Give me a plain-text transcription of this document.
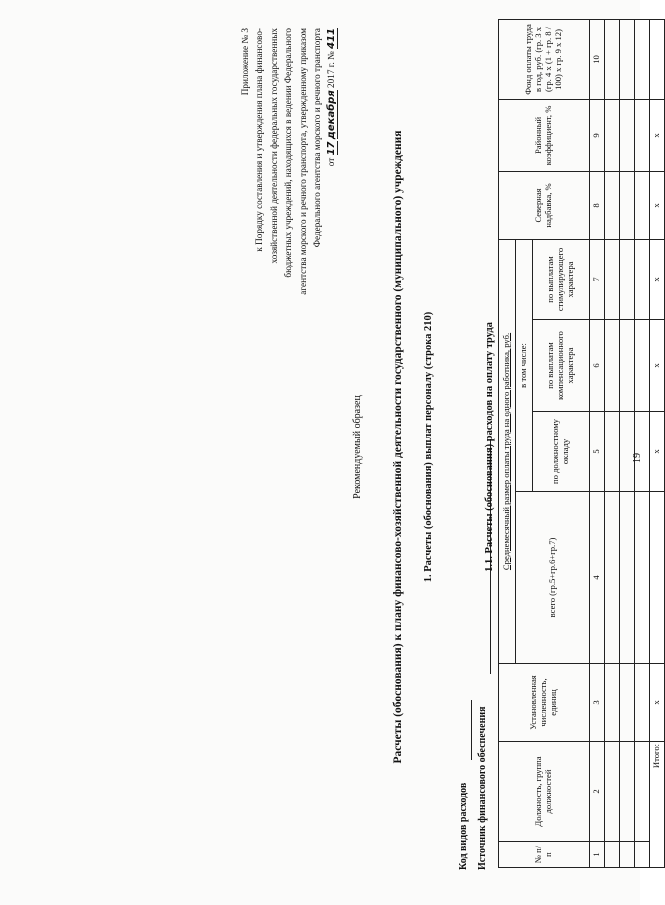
Приложение № 3 к Порядку составления и утверждения плана финансово- хозяйственной деятельности федеральных государственных бюджетных учреждений, находящихся в ведении Федерального агентства морского и речного транспорта, утвержденному приказом Федерального агентства морского и речного транспорта от 17 декабря 2017 г. № 411
Рекомендуемый образец	Расчеты (обоснования) к плану финансово-хозяйственной деятельности государственного (муниципального) учреждения 1. Расчеты (обоснования) выплат персоналу (строка 210)
Код видов расходов Источник финансового обеспечения
1.1. Расчеты (обоснования) расходов на оплату труда
№ п/п	Должность, группа должностей	Установленная численность, единиц	Среднемесячный размер оплаты труда на одного работника, руб.				Северная надбавка, %	Районный коэффициент, %	Фонд оплаты труда в год, руб. (гр. 3 х (гр. 4 х (1 + гр. 8 / 100) х гр. 9 х 12)
			всего (гр.5+гр.6+гр.7)	в том числе:					
				по должностному окладу	по выплатам компенсационного характера	по выплатам стимулирующего характера			
1	2	3	4	5	6	7	8	9	10

Итого:		х		х	х	х	х	х	
19
